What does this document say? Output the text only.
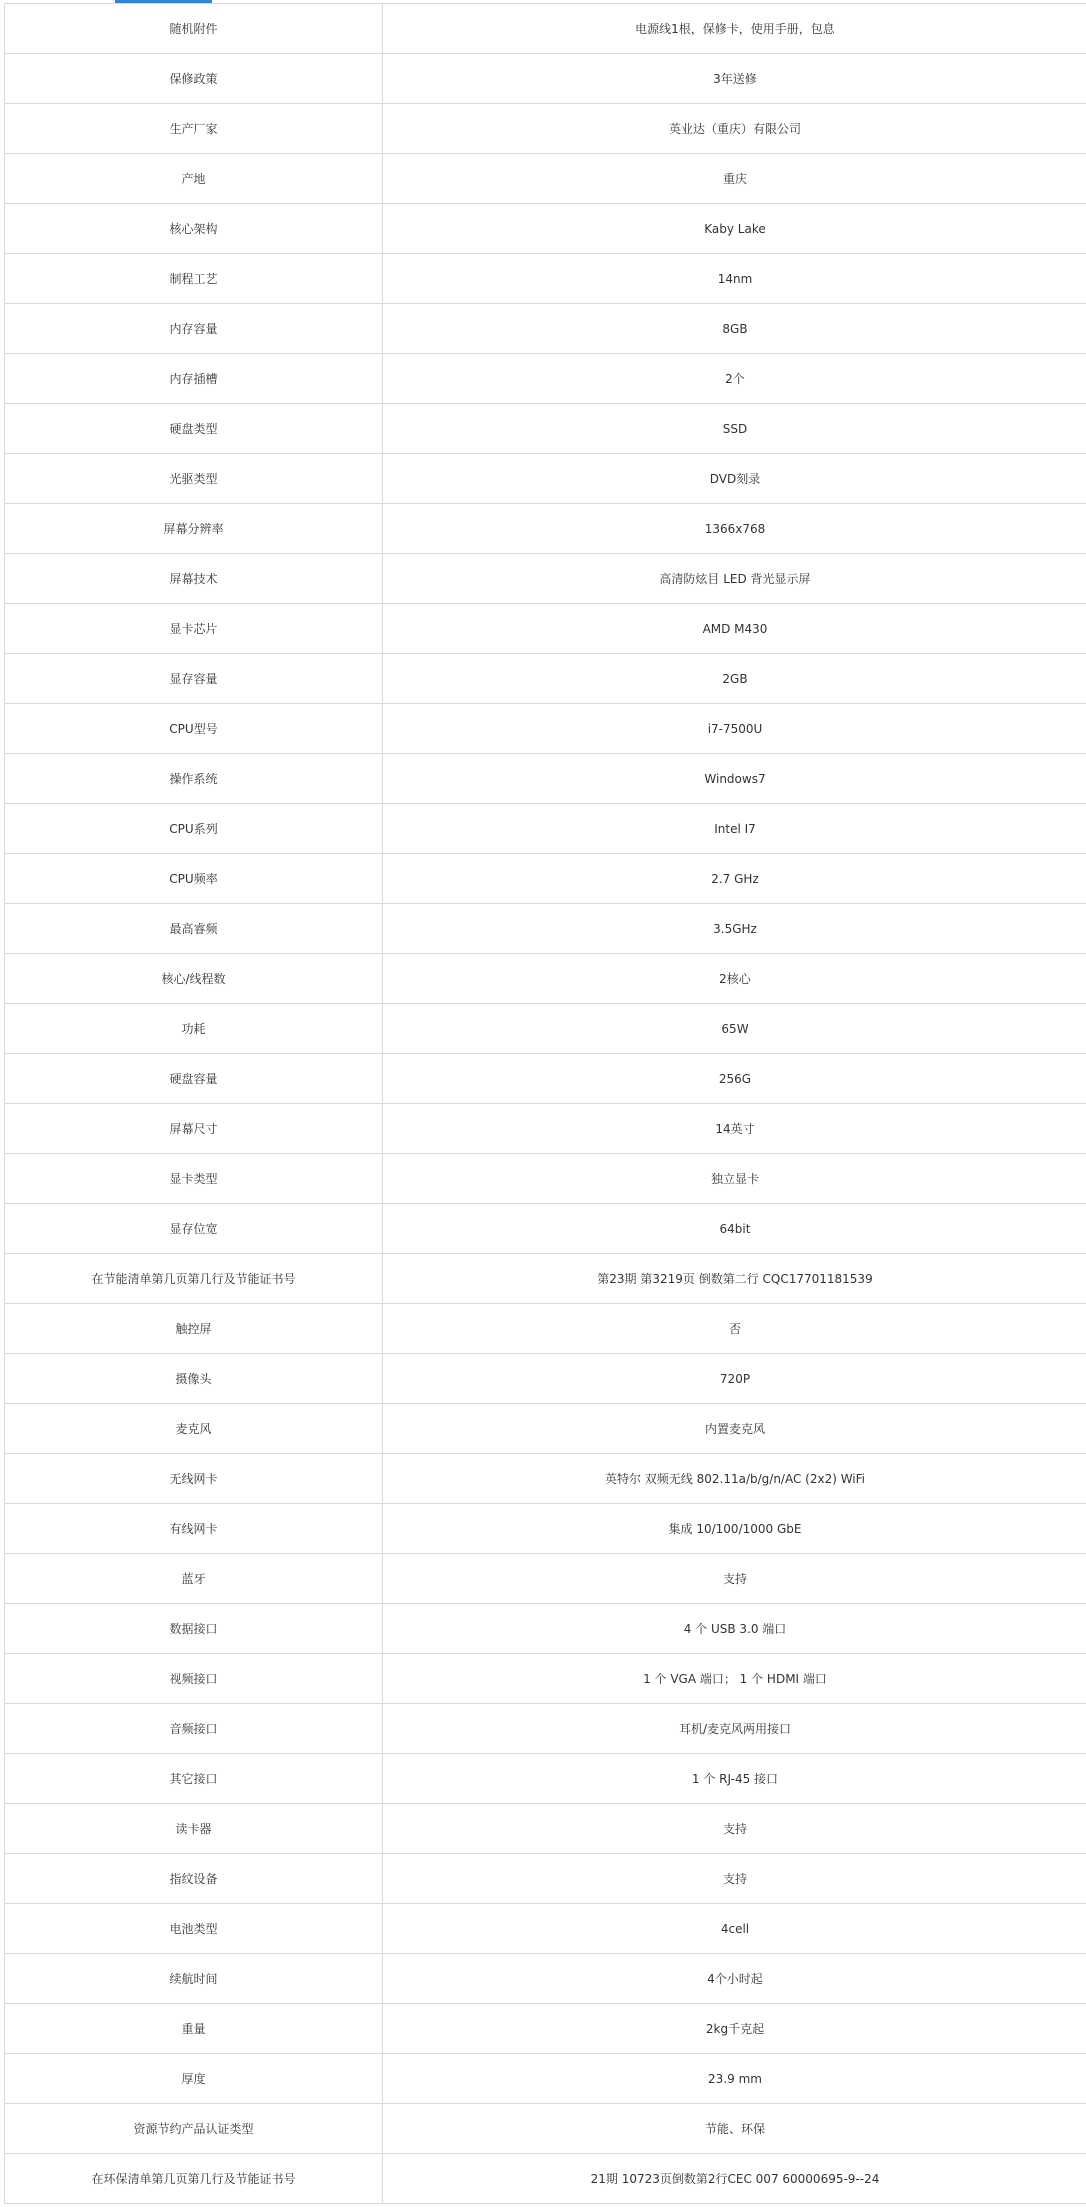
随机附件	电源线1根，保修卡，使用手册，包息
保修政策	3年送修
生产厂家	英业达（重庆）有限公司
产地	重庆
核心架构	Kaby Lake
制程工艺	14nm
内存容量	8GB
内存插槽	2个
硬盘类型	SSD
光驱类型	DVD刻录
屏幕分辨率	1366x768
屏幕技术	高清防炫目 LED 背光显示屏
显卡芯片	AMD M430
显存容量	2GB
CPU型号	i7-7500U
操作系统	Windows7
CPU系列	Intel I7
CPU频率	2.7 GHz
最高睿频	3.5GHz
核心/线程数	2核心
功耗	65W
硬盘容量	256G
屏幕尺寸	14英寸
显卡类型	独立显卡
显存位宽	64bit
在节能清单第几页第几行及节能证书号	第23期 第3219页 倒数第二行 CQC17701181539
触控屏	否
摄像头	720P
麦克风	内置麦克风
无线网卡	英特尔 双频无线 802.11a/b/g/n/AC (2x2) WiFi
有线网卡	集成 10/100/1000 GbE
蓝牙	支持
数据接口	4 个 USB 3.0 端口
视频接口	1 个 VGA 端口； 1 个 HDMI 端口
音频接口	耳机/麦克风两用接口
其它接口	1 个 RJ-45 接口
读卡器	支持
指纹设备	支持
电池类型	4cell
续航时间	4个小时起
重量	2kg千克起
厚度	23.9 mm
资源节约产品认证类型	节能、环保
在环保清单第几页第几行及节能证书号	21期 10723页倒数第2行CEC 007 60000695-9--24
